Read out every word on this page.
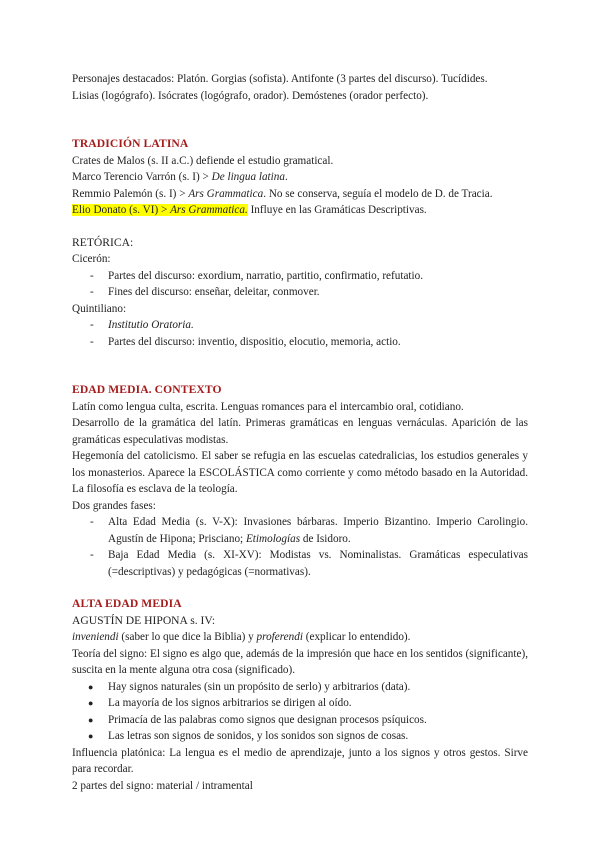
Personajes destacados: Platón. Gorgias (sofista). Antifonte (3 partes del discurso). Tucídides.
Lisias (logógrafo). Isócrates (logógrafo, orador). Demóstenes (orador perfecto).
TRADICIÓN LATINA
Crates de Malos (s. II a.C.) defiende el estudio gramatical.
Marco Terencio Varrón (s. I) > De lingua latina.
Remmio Palemón (s. I) > Ars Grammatica. No se conserva, seguía el modelo de D. de Tracia.
Elio Donato (s. VI) > Ars Grammatica. Influye en las Gramáticas Descriptivas.
RETÓRICA:
Cicerón:
- Partes del discurso: exordium, narratio, partitio, confirmatio, refutatio.
- Fines del discurso: enseñar, deleitar, conmover.
Quintiliano:
- Institutio Oratoria.
- Partes del discurso: inventio, dispositio, elocutio, memoria, actio.
EDAD MEDIA. CONTEXTO
Latín como lengua culta, escrita. Lenguas romances para el intercambio oral, cotidiano.
Desarrollo de la gramática del latín. Primeras gramáticas en lenguas vernáculas. Aparición de las gramáticas especulativas modistas.
Hegemonía del catolicismo. El saber se refugia en las escuelas catedralicias, los estudios generales y los monasterios. Aparece la ESCOLÁSTICA como corriente y como método basado en la Autoridad. La filosofía es esclava de la teología.
Dos grandes fases:
- Alta Edad Media (s. V-X): Invasiones bárbaras. Imperio Bizantino. Imperio Carolingio. Agustín de Hipona; Prisciano; Etimologías de Isidoro.
- Baja Edad Media (s. XI-XV): Modistas vs. Nominalistas. Gramáticas especulativas (=descriptivas) y pedagógicas (=normativas).
ALTA EDAD MEDIA
AGUSTÍN DE HIPONA s. IV:
inveniendi (saber lo que dice la Biblia) y proferendi (explicar lo entendido).
Teoría del signo: El signo es algo que, además de la impresión que hace en los sentidos (significante), suscita en la mente alguna otra cosa (significado).
● Hay signos naturales (sin un propósito de serlo) y arbitrarios (data).
● La mayoría de los signos arbitrarios se dirigen al oído.
● Primacía de las palabras como signos que designan procesos psíquicos.
● Las letras son signos de sonidos, y los sonidos son signos de cosas.
Influencia platónica: La lengua es el medio de aprendizaje, junto a los signos y otros gestos. Sirve para recordar.
2 partes del signo: material / intramental
